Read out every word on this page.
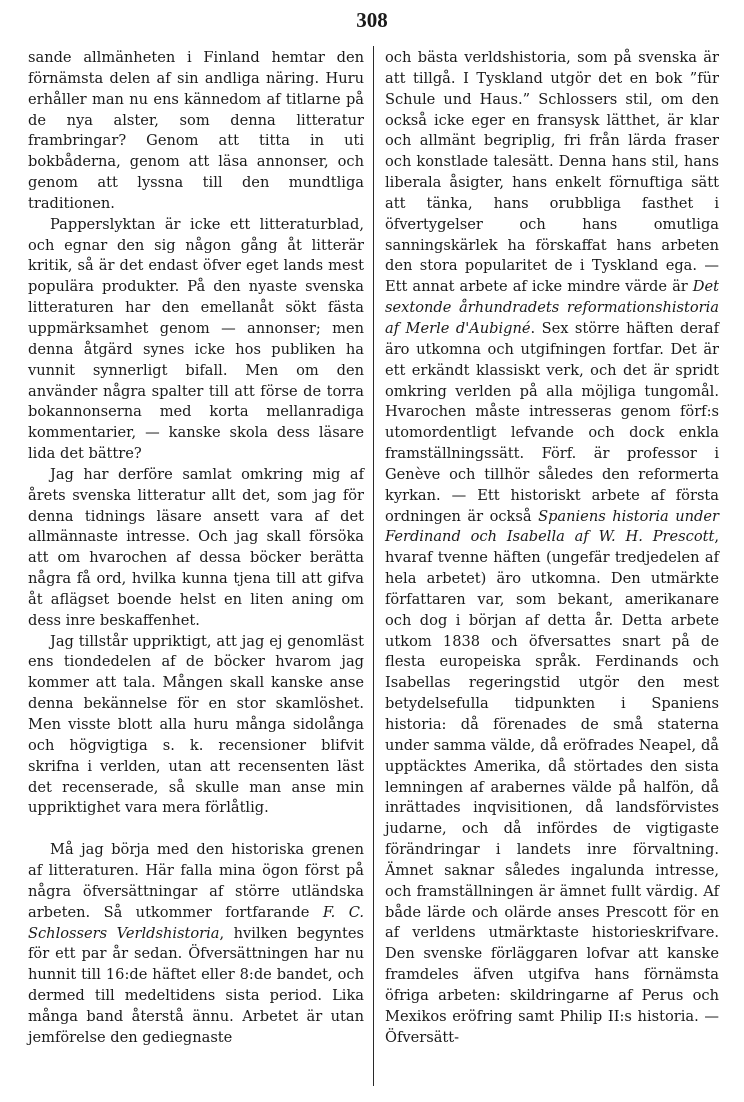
308

sande allmänheten i Finland hemtar den förnämsta delen af sin andliga näring. Huru erhåller man nu ens kännedom af titlarne på de nya alster, som denna litteratur frambringar? Genom att titta in uti bokbåderna, genom att läsa annonser, och genom att lyssna till den mundtliga traditionen.

Papperslyktan är icke ett litteraturblad, och egnar den sig någon gång åt litterär kritik, så är det endast öfver eget lands mest populära produkter. På den nyaste svenska litteraturen har den emellanåt sökt fästa uppmärksamhet genom — annonser; men denna åtgärd synes icke hos publiken ha vunnit synnerligt bifall. Men om den använder några spalter till att förse de torra bokannonserna med korta mellanradiga kommentarier, — kanske skola dess läsare lida det bättre?

Jag har derföre samlat omkring mig af årets svenska litteratur allt det, som jag för denna tidnings läsare ansett vara af det allmännaste intresse. Och jag skall försöka att om hvarochen af dessa böcker berätta några få ord, hvilka kunna tjena till att gifva åt aflägset boende helst en liten aning om dess inre beskaffenhet.

Jag tillstår uppriktigt, att jag ej genomläst ens tiondedelen af de böcker hvarom jag kommer att tala. Mången skall kanske anse denna bekännelse för en stor skamlöshet. Men visste blott alla huru många sidolånga och högvigtiga s. k. recensioner blifvit skrifna i verlden, utan att recensenten läst det recenserade, så skulle man anse min uppriktighet vara mera förlåtlig.

Må jag börja med den historiska grenen af litteraturen. Här falla mina ögon först på några öfversättningar af större utländska arbeten. Så utkommer fortfarande F. C. Schlossers Verldshistoria, hvilken begyntes för ett par år sedan. Öfversättningen har nu hunnit till 16:de häftet eller 8:de bandet, och dermed till medeltidens sista period. Lika många band återstå ännu. Arbetet är utan jemförelse den gediegnaste

och bästa verldshistoria, som på svenska är att tillgå. I Tyskland utgör det en bok ”für Schule und Haus.” Schlossers stil, om den också icke eger en fransysk lätthet, är klar och allmänt begriplig, fri från lärda fraser och konstlade talesätt. Denna hans stil, hans liberala åsigter, hans enkelt förnuftiga sätt att tänka, hans orubbliga fasthet i öfvertygelser och hans omutliga sanningskärlek ha förskaffat hans arbeten den stora popularitet de i Tyskland ega. — Ett annat arbete af icke mindre värde är Det sextonde århundradets reformationshistoria af Merle d'Aubigné. Sex större häften deraf äro utkomna och utgifningen fortfar. Det är ett erkändt klassiskt verk, och det är spridt omkring verlden på alla möjliga tungomål. Hvarochen måste intresseras genom förf:s utomordentligt lefvande och dock enkla framställningssätt. Förf. är professor i Genève och tillhör således den reformerta kyrkan. — Ett historiskt arbete af första ordningen är också Spaniens historia under Ferdinand och Isabella af W. H. Prescott, hvaraf tvenne häften (ungefär tredjedelen af hela arbetet) äro utkomna. Den utmärkte författaren var, som bekant, amerikanare och dog i början af detta år. Detta arbete utkom 1838 och öfversattes snart på de flesta europeiska språk. Ferdinands och Isabellas regeringstid utgör den mest betydelsefulla tidpunkten i Spaniens historia: då förenades de små staterna under samma välde, då eröfrades Neapel, då upptäcktes Amerika, då störtades den sista lemningen af arabernes välde på halfön, då inrättades inqvisitionen, då landsförvistes judarne, och då infördes de vigtigaste förändringar i landets inre förvaltning. Ämnet saknar således ingalunda intresse, och framställningen är ämnet fullt värdig. Af både lärde och olärde anses Prescott för en af verldens utmärktaste historieskrifvare. Den svenske förläggaren lofvar att kanske framdeles äfven utgifva hans förnämsta öfriga arbeten: skildringarne af Perus och Mexikos eröfring samt Philip II:s historia. — Öfversätt-
